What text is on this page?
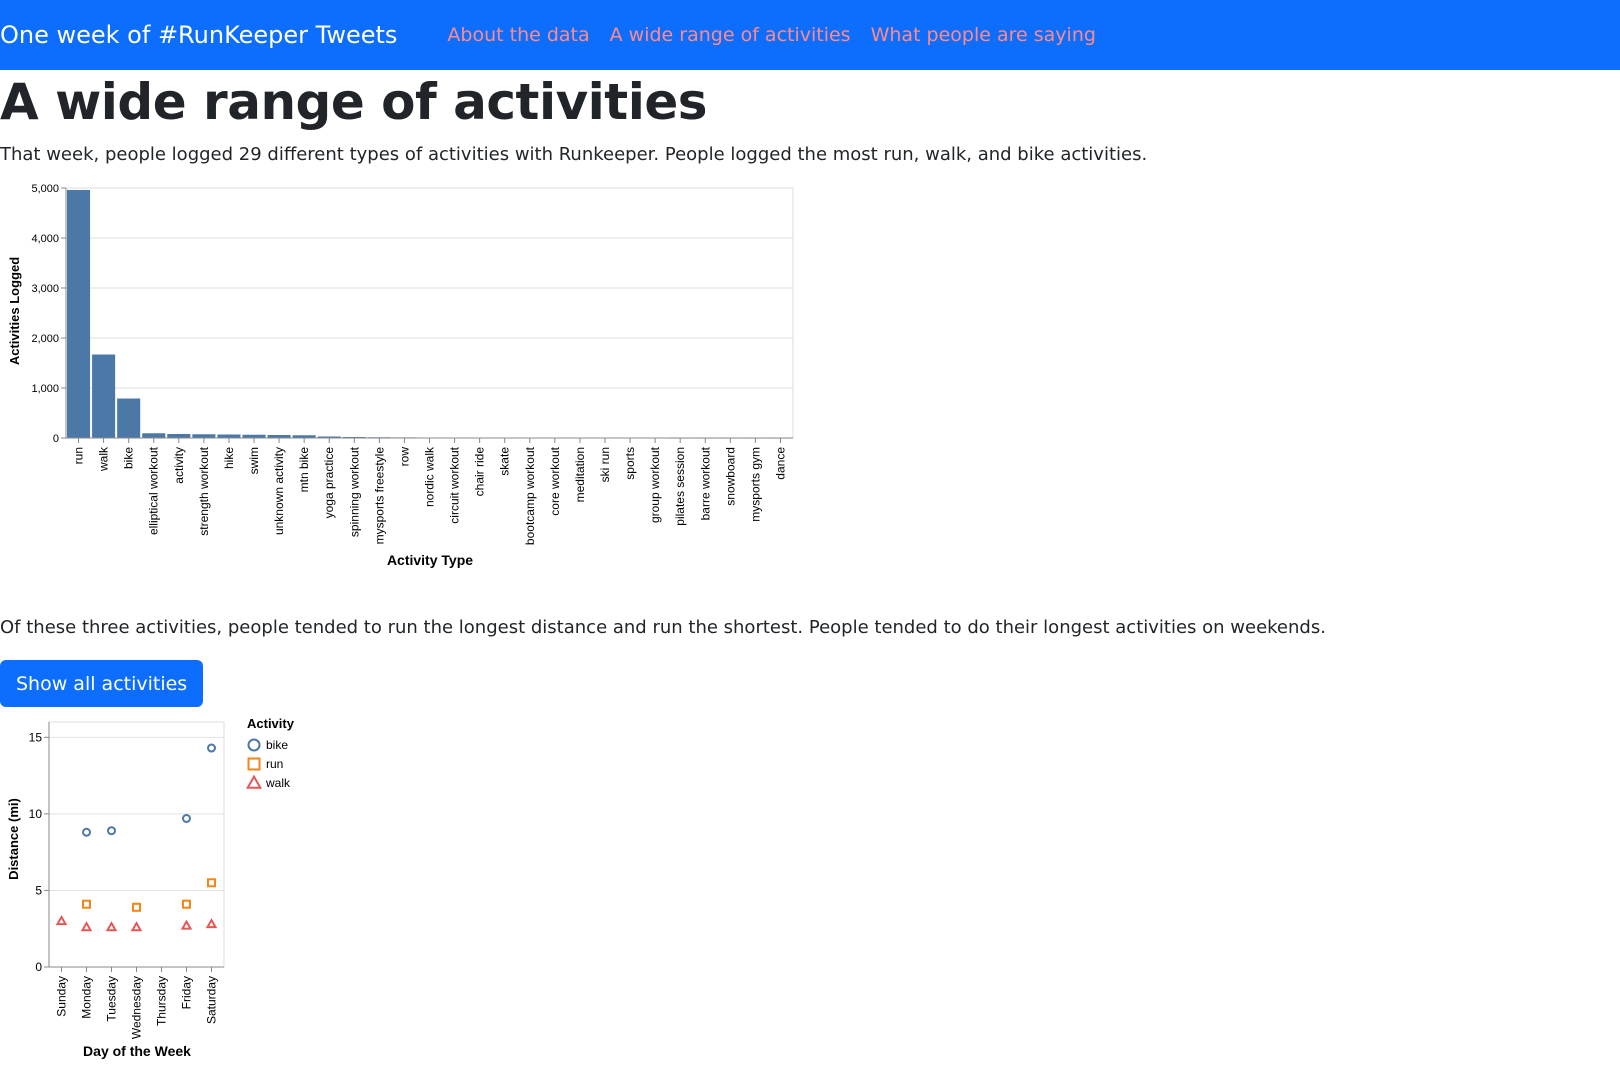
One week of #RunKeeper Tweets	About the data A wide range of activities What people are saying
A wide range of activities

That week, people logged 29 different types of activities with Runkeeper. People logged the most run, walk, and bike activities.

run walk bike elliptical workout activity strength workout hike swim unknown activity mtn bike yoga practice spinning workout mysports freestyle row nordic walk circuit workout chair ride skate bootcamp workout core workout meditation ski run sports group workout pilates session barre workout snowboard mysports gym dance
0
1,000
2,000
3,000
4,000
5,000
Activity Type
Activities Logged

Of these three activities, people tended to run the longest distance and run the shortest. People tended to do their longest activities on weekends.

Show all activities
Sunday Monday Tuesday Wednesday Thursday Friday Saturday
0
5
10
15
Activity
bike
run
walk
Day of the Week
Distance (mi)
